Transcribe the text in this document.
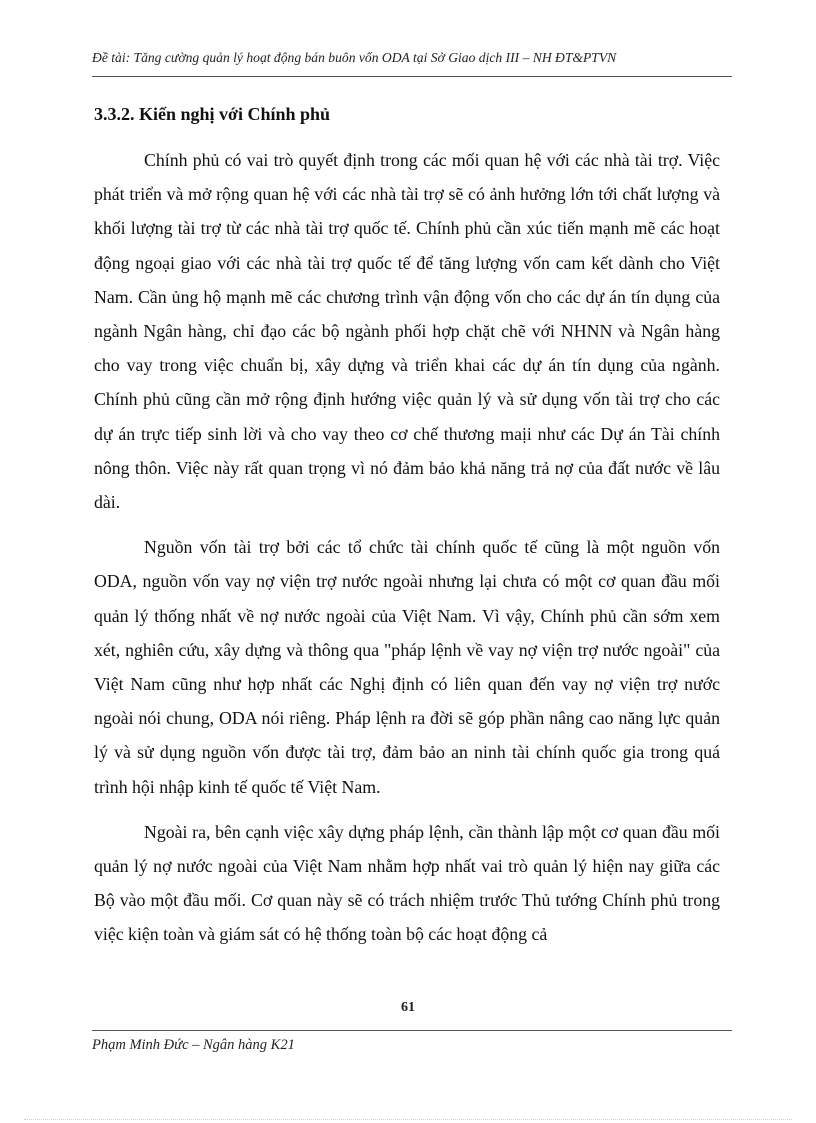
Đề tài: Tăng cường quản lý hoạt động bán buôn vốn ODA tại Sở Giao dịch III – NH ĐT&PTVN
3.3.2. Kiến nghị với Chính phủ

Chính phủ có vai trò quyết định trong các mối quan hệ với các nhà tài trợ. Việc phát triển và mở rộng quan hệ với các nhà tài trợ sẽ có ảnh hưởng lớn tới chất lượng và khối lượng tài trợ từ các nhà tài trợ quốc tế. Chính phủ cần xúc tiến mạnh mẽ các hoạt động ngoại giao với các nhà tài trợ quốc tế để tăng lượng vốn cam kết dành cho Việt Nam. Cần ủng hộ mạnh mẽ các chương trình vận động vốn cho các dự án tín dụng của ngành Ngân hàng, chỉ đạo các bộ ngành phối hợp chặt chẽ với NHNN và Ngân hàng cho vay trong việc chuẩn bị, xây dựng và triển khai các dự án tín dụng của ngành. Chính phủ cũng cần mở rộng định hướng việc quản lý và sử dụng vốn tài trợ cho các dự án trực tiếp sinh lời và cho vay theo cơ chế thương maịi như các Dự án Tài chính nông thôn. Việc này rất quan trọng vì nó đảm bảo khả năng trả nợ của đất nước về lâu dài.

Nguồn vốn tài trợ bởi các tổ chức tài chính quốc tế cũng là một nguồn vốn ODA, nguồn vốn vay nợ viện trợ nước ngoài nhưng lại chưa có một cơ quan đầu mối quản lý thống nhất về nợ nước ngoài của Việt Nam. Vì vậy, Chính phủ cần sớm xem xét, nghiên cứu, xây dựng và thông qua "pháp lệnh về vay nợ viện trợ nước ngoài" của Việt Nam cũng như hợp nhất các Nghị định có liên quan đến vay nợ viện trợ nước ngoài nói chung, ODA nói riêng. Pháp lệnh ra đời sẽ góp phần nâng cao năng lực quản lý và sử dụng nguồn vốn được tài trợ, đảm bảo an ninh tài chính quốc gia trong quá trình hội nhập kinh tế quốc tế Việt Nam.

Ngoài ra, bên cạnh việc xây dựng pháp lệnh, cần thành lập một cơ quan đầu mối quản lý nợ nước ngoài của Việt Nam nhằm hợp nhất vai trò quản lý hiện nay giữa các Bộ vào một đầu mối. Cơ quan này sẽ có trách nhiệm trước Thủ tướng Chính phủ trong việc kiện toàn và giám sát có hệ thống toàn bộ các hoạt động cả

61
Phạm Minh Đức – Ngân hàng K21
